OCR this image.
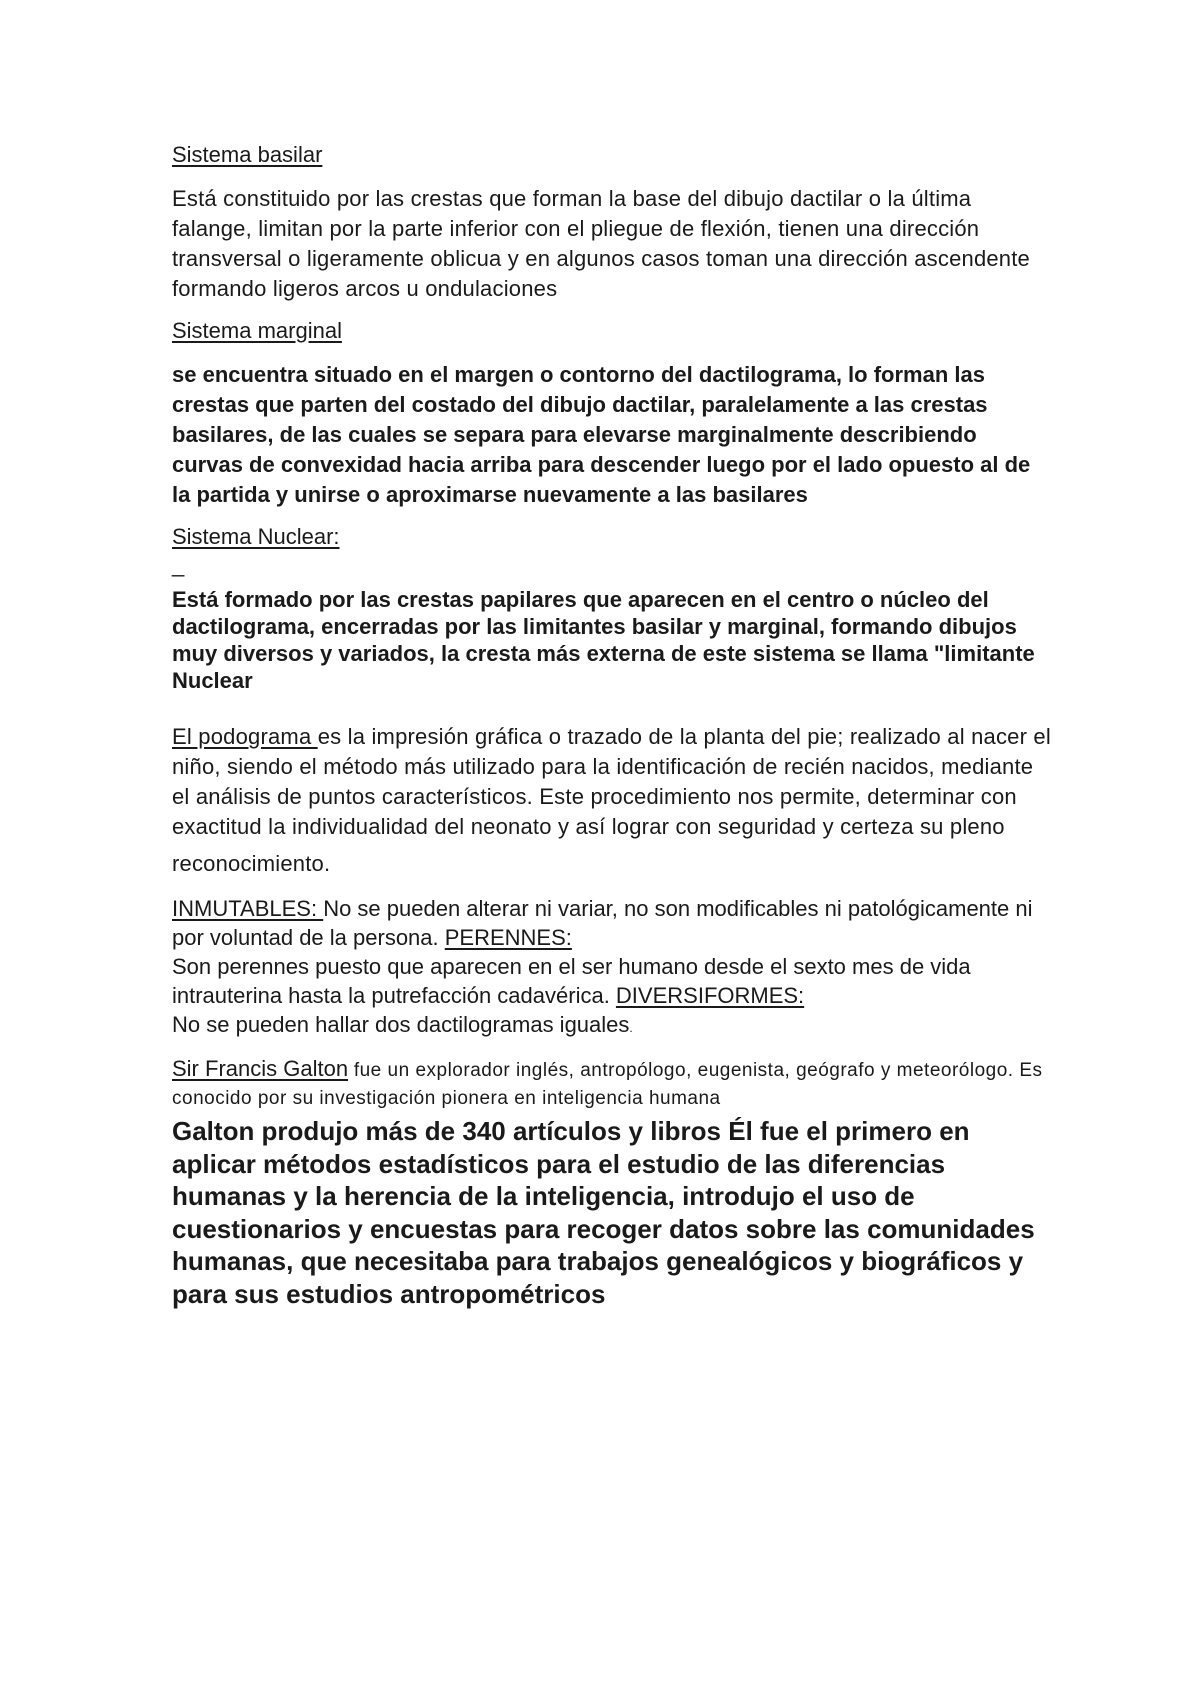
Sistema basilar

Está constituido por las crestas que forman la base del dibujo dactilar o la última falange, limitan por la parte inferior con el pliegue de flexión, tienen una dirección transversal o ligeramente oblicua y en algunos casos toman una dirección ascendente formando ligeros arcos u ondulaciones

Sistema marginal

se encuentra situado en el margen o contorno del dactilograma, lo forman las crestas que parten del costado del dibujo dactilar, paralelamente a las crestas basilares, de las cuales se separa para elevarse marginalmente describiendo curvas de convexidad hacia arriba para descender luego por el lado opuesto al de la partida y unirse o aproximarse nuevamente a las basilares

Sistema Nuclear:
_

Está formado por las crestas papilares que aparecen en el centro o núcleo del dactilograma, encerradas por las limitantes basilar y marginal, formando dibujos muy diversos y variados, la cresta más externa de este sistema se llama "limitante Nuclear

El podograma es la impresión gráfica o trazado de la planta del pie; realizado al nacer el niño, siendo el método más utilizado para la identificación de recién nacidos, mediante el análisis de puntos característicos. Este procedimiento nos permite, determinar con exactitud la individualidad del neonato y así lograr con seguridad y certeza su pleno
reconocimiento.

INMUTABLES: No se pueden alterar ni variar, no son modificables ni patológicamente ni por voluntad de la persona. PERENNES:
Son perennes puesto que aparecen en el ser humano desde el sexto mes de vida intrauterina hasta la putrefacción cadavérica. DIVERSIFORMES:
No se pueden hallar dos dactilogramas iguales.

Sir Francis Galton fue un explorador inglés, antropólogo, eugenista, geógrafo y meteorólogo. Es conocido por su investigación pionera en inteligencia humana

Galton produjo más de 340 artículos y libros Él fue el primero en aplicar métodos estadísticos para el estudio de las diferencias humanas y la herencia de la inteligencia, introdujo el uso de cuestionarios y encuestas para recoger datos sobre las comunidades humanas, que necesitaba para trabajos genealógicos y biográficos y para sus estudios antropométricos
